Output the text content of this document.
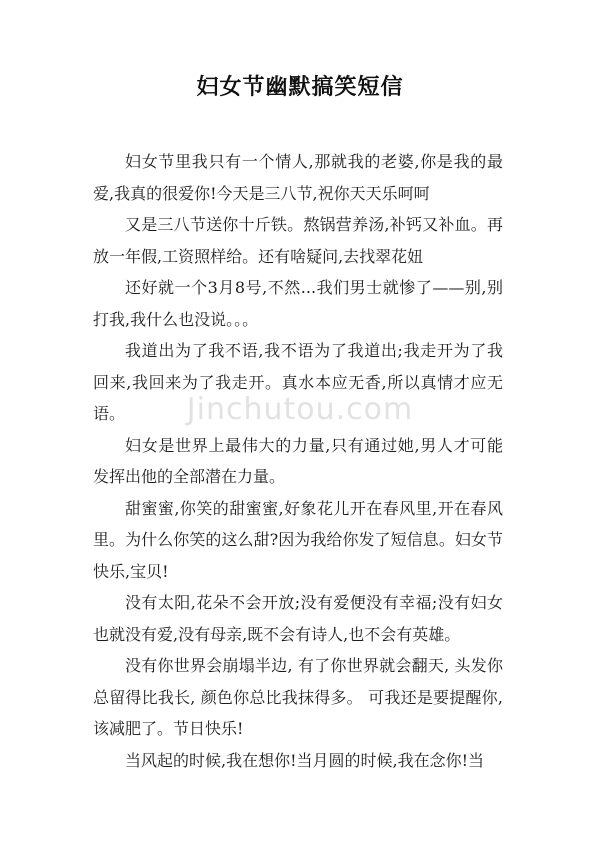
妇女节幽默搞笑短信
Jinchutou.com

妇女节里我只有一个情人,那就我的老婆,你是我的最爱,我真的很爱你!今天是三八节,祝你天天乐呵呵

又是三八节送你十斤铁。熬锅营养汤,补钙又补血。再放一年假,工资照样给。还有啥疑问,去找翠花妞

还好就一个3月8号,不然...我们男士就惨了——别,别打我,我什么也没说。。。

我道出为了我不语,我不语为了我道出;我走开为了我回来,我回来为了我走开。真水本应无香,所以真情才应无语。

妇女是世界上最伟大的力量,只有通过她,男人才可能发挥出他的全部潜在力量。

甜蜜蜜,你笑的甜蜜蜜,好象花儿开在春风里,开在春风里。为什么你笑的这么甜?因为我给你发了短信息。妇女节快乐,宝贝!

没有太阳,花朵不会开放;没有爱便没有幸福;没有妇女也就没有爱,没有母亲,既不会有诗人,也不会有英雄。

没有你世界会崩塌半边, 有了你世界就会翻天, 头发你总留得比我长, 颜色你总比我抹得多。 可我还是要提醒你, 该减肥了。节日快乐!

当风起的时候,我在想你!当月圆的时候,我在念你!当
